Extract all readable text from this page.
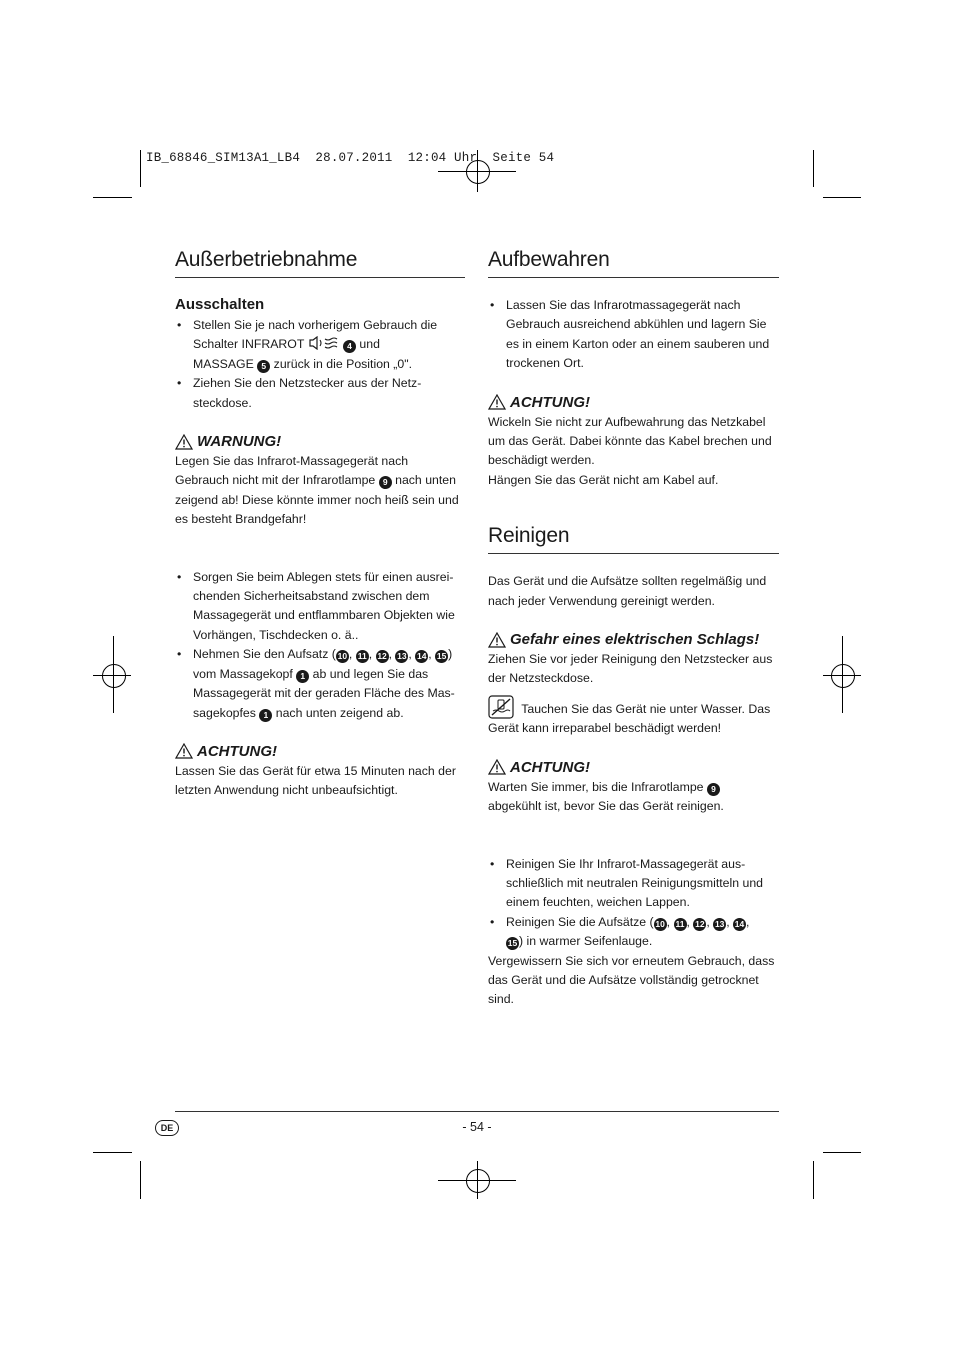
IB_68846_SIM13A1_LB4  28.07.2011  12:04 Uhr  Seite 54
Außerbetriebnahme
Ausschalten
• Stellen Sie je nach vorherigem Gebrauch die Schalter INFRAROT	4 und
MASSAGE 5 zurück in die Position „0".
• Ziehen Sie den Netzstecker aus der Netz-steckdose.
WARNUNG!

Legen Sie das Infrarot-Massagegerät nach Gebrauch nicht mit der Infrarotlampe 9 nach unten zeigend ab! Diese könnte immer noch heiß sein und es besteht Brandgefahr!

• Sorgen Sie beim Ablegen stets für einen ausrei-chenden Sicherheitsabstand zwischen dem Massagegerät und entflammbaren Objekten wie Vorhängen, Tischdecken o. ä..
• Nehmen Sie den Aufsatz ( 10 , 11 , 12 , 13 , 14 , 15 ) vom Massagekopf 1 ab und legen Sie das Massagegerät mit der geraden Fläche des Mas-sagekopfes 1 nach unten zeigend ab.
ACHTUNG!

Lassen Sie das Gerät für etwa 15 Minuten nach der letzten Anwendung nicht unbeaufsichtigt.

Aufbewahren
• Lassen Sie das Infrarotmassagegerät nach Gebrauch ausreichend abkühlen und lagern Sie es in einem Karton oder an einem sauberen und trockenen Ort.
ACHTUNG!

Wickeln Sie nicht zur Aufbewahrung das Netzkabel um das Gerät. Dabei könnte das Kabel brechen und beschädigt werden.

Hängen Sie das Gerät nicht am Kabel auf.

Reinigen

Das Gerät und die Aufsätze sollten regelmäßig und nach jeder Verwendung gereinigt werden.

Gefahr eines elektrischen Schlags!

Ziehen Sie vor jeder Reinigung den Netzstecker aus der Netzsteckdose.

Tauchen Sie das Gerät nie unter Wasser. Das Gerät kann irreparabel beschädigt werden!

ACHTUNG!

Warten Sie immer, bis die Infrarotlampe 9
abgekühlt ist, bevor Sie das Gerät reinigen.

• Reinigen Sie Ihr Infrarot-Massagegerät aus-schließlich mit neutralen Reinigungsmitteln und einem feuchten, weichen Lappen.
• Reinigen Sie die Aufsätze ( 10 , 11 , 12 , 13 , 14 ,
15 ) in warmer Seifenlauge.

Vergewissern Sie sich vor erneutem Gebrauch, dass das Gerät und die Aufsätze vollständig getrocknet sind.

DE	- 54 -
